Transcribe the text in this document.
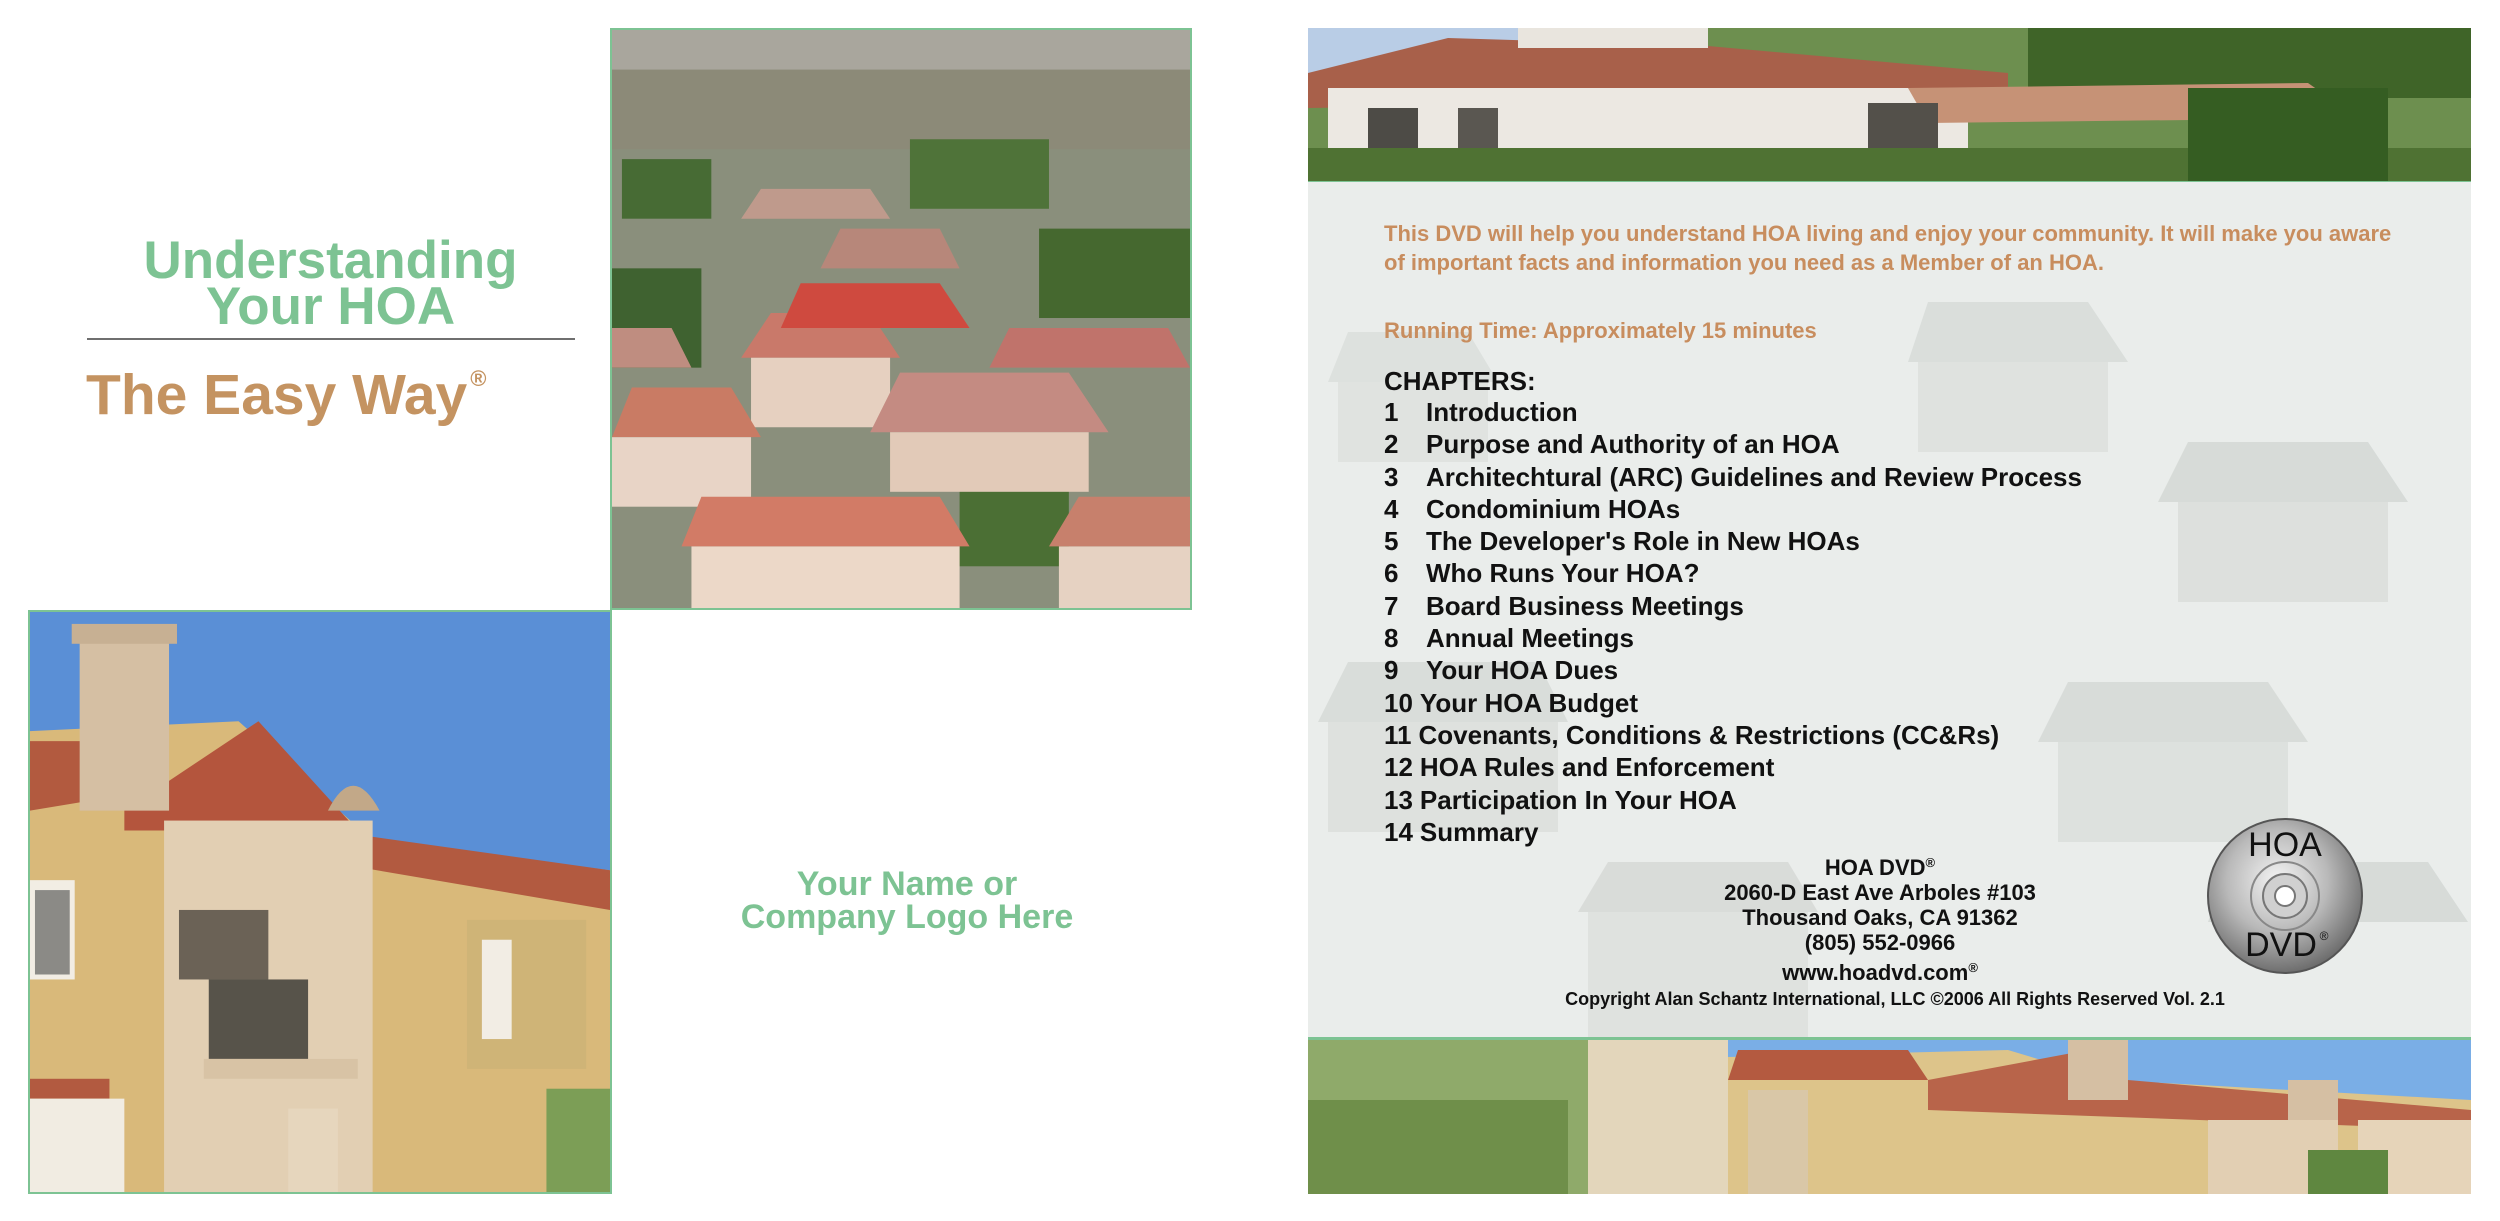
Understanding
Your HOA
The Easy Way ®
Your Name or
Company Logo Here
This DVD will help you understand HOA living and enjoy your community. It will make you aware of important facts and information you need as a Member of an HOA.
Running Time: Approximately 15 minutes
CHAPTERS:
1 Introduction
2 Purpose and Authority of an HOA
3 Architechtural (ARC) Guidelines and Review Process
4 Condominium HOAs
5 The Developer's Role in New HOAs
6 Who Runs Your HOA?
7 Board Business Meetings
8 Annual Meetings
9 Your HOA Dues
10 Your HOA Budget
11 Covenants, Conditions & Restrictions (CC&Rs)
12 HOA Rules and Enforcement
13 Participation In Your HOA
14 Summary
HOA DVD®
2060-D East Ave Arboles #103
Thousand Oaks, CA 91362
(805) 552-0966
www.hoadvd.com®
HOA
DVD ®
Copyright Alan Schantz International, LLC ©2006 All Rights Reserved Vol. 2.1
